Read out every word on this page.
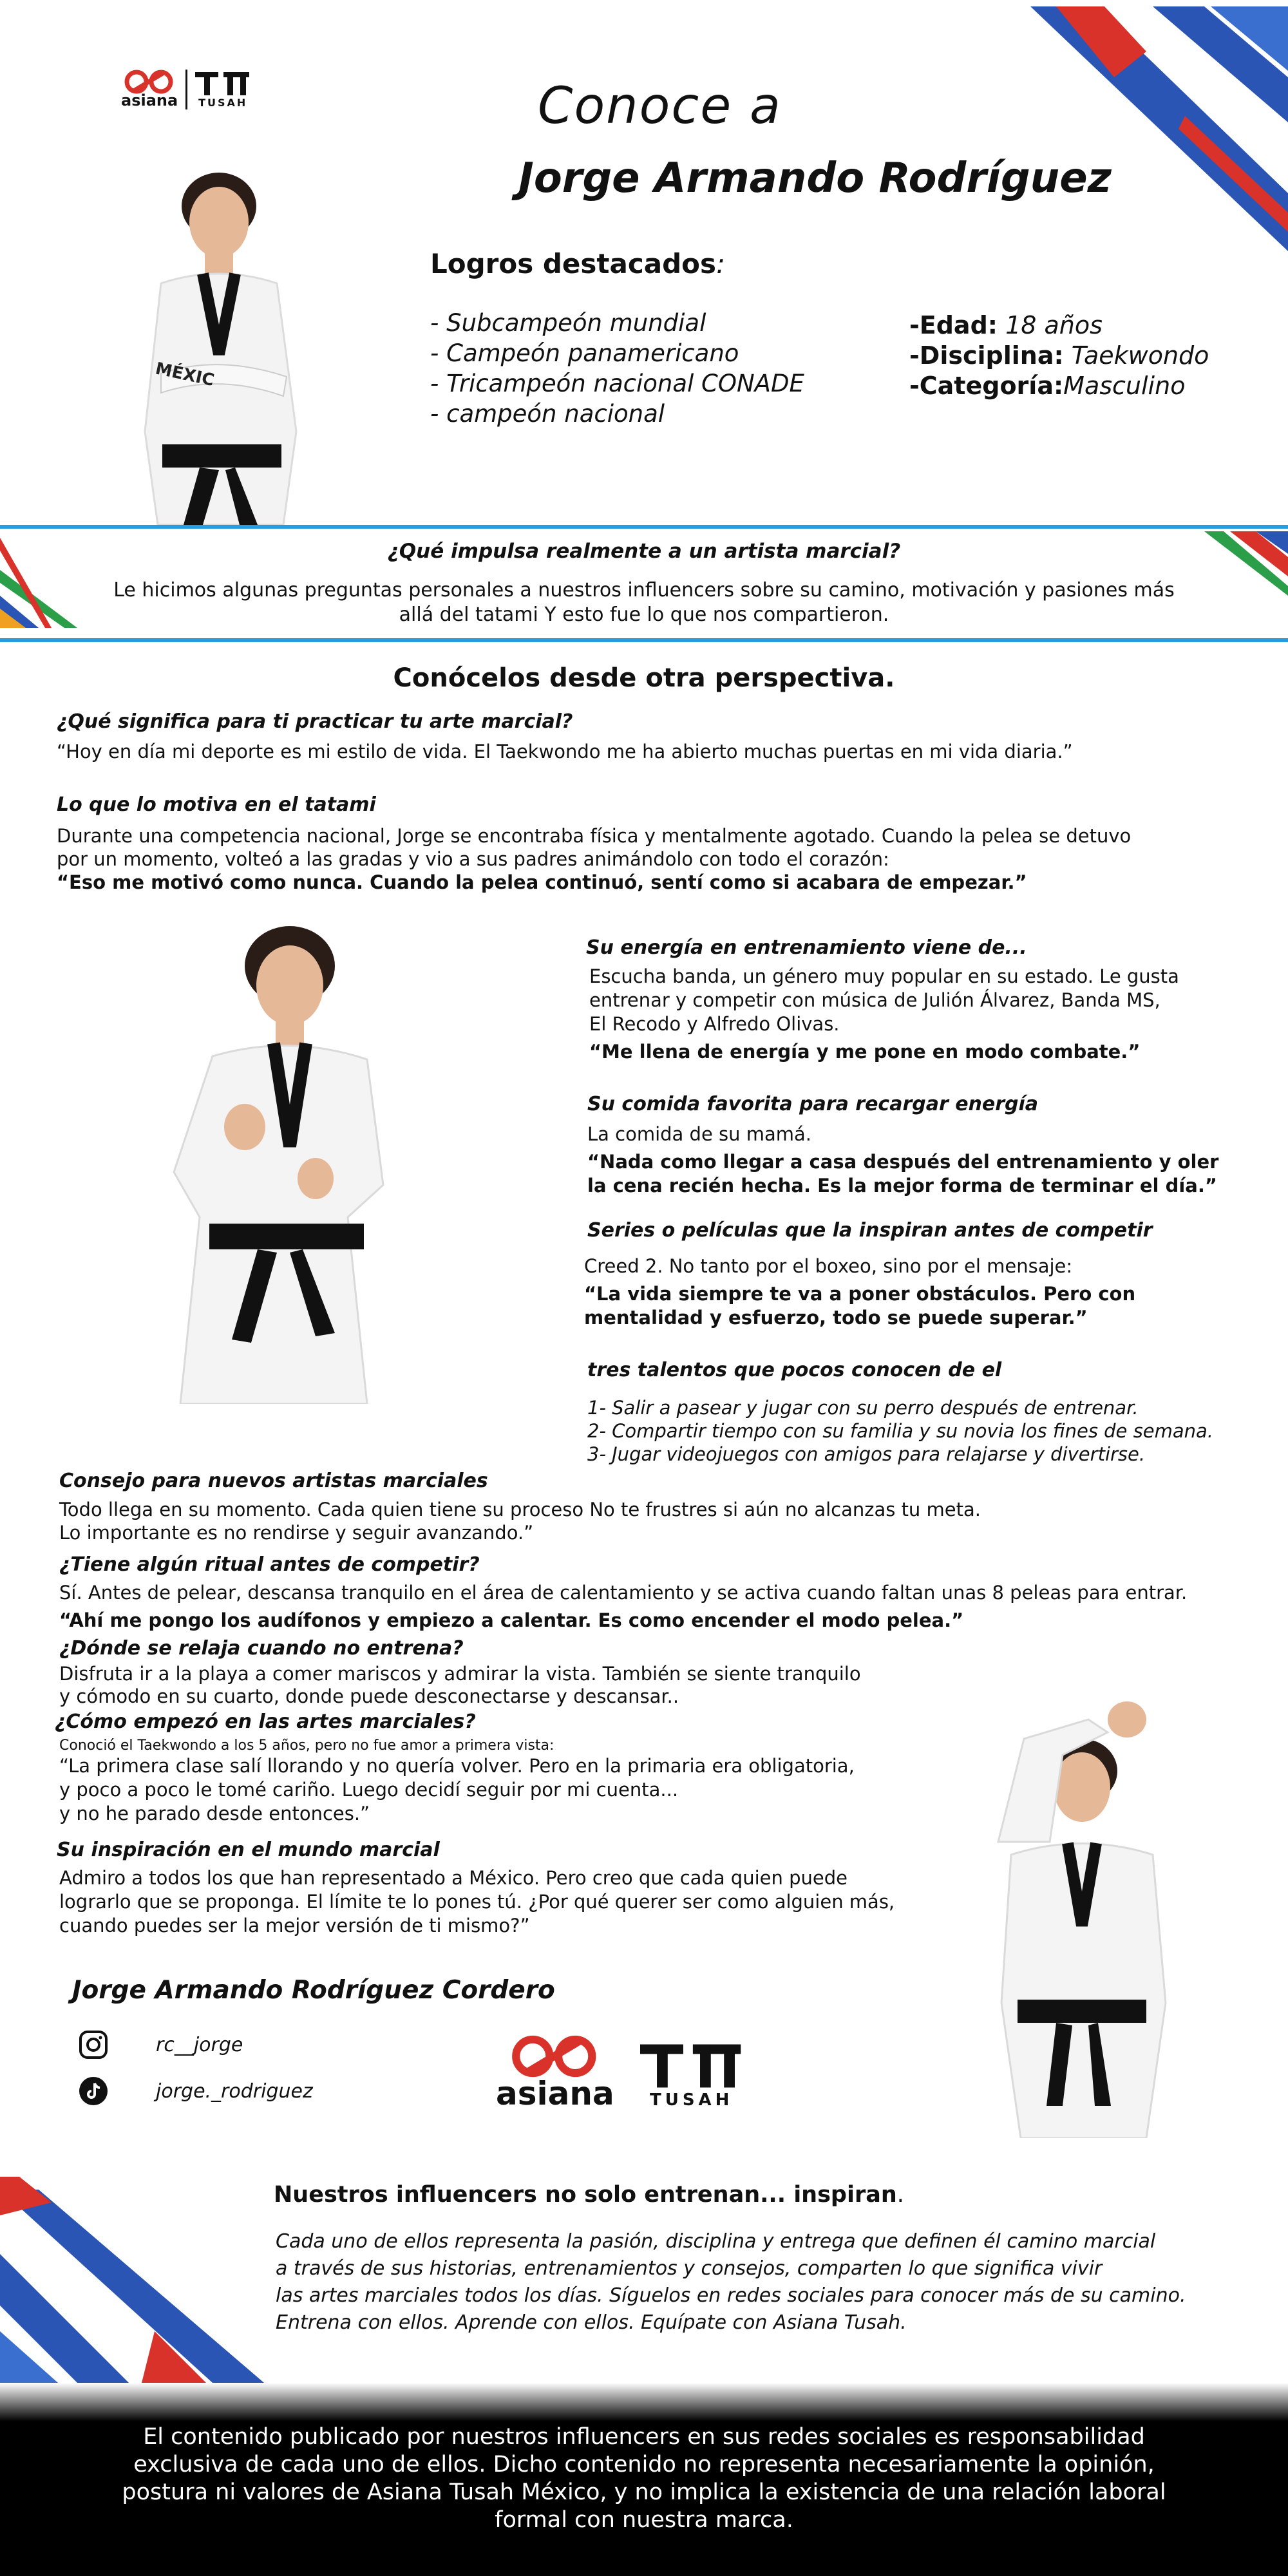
asiana TUSAH
MÉXIC
Conoce a
Jorge Armando Rodríguez
Logros destacados:
- Subcampeón mundial
- Campeón panamericano
- Tricampeón nacional CONADE
- campeón nacional
-Edad: 18 años
-Disciplina: Taekwondo
-Categoría:Masculino
¿Qué impulsa realmente a un artista marcial?
Le hicimos algunas preguntas personales a nuestros influencers sobre su camino, motivación y pasiones más allá del tatami Y esto fue lo que nos compartieron.
Conócelos desde otra perspectiva.
¿Qué significa para ti practicar tu arte marcial?
“Hoy en día mi deporte es mi estilo de vida. El Taekwondo me ha abierto muchas puertas en mi vida diaria.”
Lo que lo motiva en el tatami
Durante una competencia nacional, Jorge se encontraba física y mentalmente agotado. Cuando la pelea se detuvo
por un momento, volteó a las gradas y vio a sus padres animándolo con todo el corazón:
“Eso me motivó como nunca. Cuando la pelea continuó, sentí como si acabara de empezar.”
Su energía en entrenamiento viene de...
Escucha banda, un género muy popular en su estado. Le gusta
entrenar y competir con música de Julión Álvarez, Banda MS,
El Recodo y Alfredo Olivas.
“Me llena de energía y me pone en modo combate.”
Su comida favorita para recargar energía
La comida de su mamá.
“Nada como llegar a casa después del entrenamiento y oler
la cena recién hecha. Es la mejor forma de terminar el día.”
Series o películas que la inspiran antes de competir
Creed 2. No tanto por el boxeo, sino por el mensaje:
“La vida siempre te va a poner obstáculos. Pero con
mentalidad y esfuerzo, todo se puede superar.”
tres talentos que pocos conocen de el
1- Salir a pasear y jugar con su perro después de entrenar.
2- Compartir tiempo con su familia y su novia los fines de semana.
3- Jugar videojuegos con amigos para relajarse y divertirse.
Consejo para nuevos artistas marciales
Todo llega en su momento. Cada quien tiene su proceso No te frustres si aún no alcanzas tu meta.
Lo importante es no rendirse y seguir avanzando.”
¿Tiene algún ritual antes de competir?
Sí. Antes de pelear, descansa tranquilo en el área de calentamiento y se activa cuando faltan unas 8 peleas para entrar.
“Ahí me pongo los audífonos y empiezo a calentar. Es como encender el modo pelea.”
¿Dónde se relaja cuando no entrena?
Disfruta ir a la playa a comer mariscos y admirar la vista. También se siente tranquilo
y cómodo en su cuarto, donde puede desconectarse y descansar..
¿Cómo empezó en las artes marciales?
Conoció el Taekwondo a los 5 años, pero no fue amor a primera vista:
“La primera clase salí llorando y no quería volver. Pero en la primaria era obligatoria,
y poco a poco le tomé cariño. Luego decidí seguir por mi cuenta...
y no he parado desde entonces.”
Su inspiración en el mundo marcial
Admiro a todos los que han representado a México. Pero creo que cada quien puede
lograrlo que se proponga. El límite te lo pones tú. ¿Por qué querer ser como alguien más,
cuando puedes ser la mejor versión de ti mismo?”
Jorge Armando Rodríguez Cordero
rc__jorge
jorge._rodriguez	asiana TUSAH
Nuestros influencers no solo entrenan... inspiran.
Cada uno de ellos representa la pasión, disciplina y entrega que definen él camino marcial
a través de sus historias, entrenamientos y consejos, comparten lo que significa vivir
las artes marciales todos los días. Síguelos en redes sociales para conocer más de su camino.
Entrena con ellos. Aprende con ellos. Equípate con Asiana Tusah.
El contenido publicado por nuestros influencers en sus redes sociales es responsabilidad exclusiva de cada uno de ellos. Dicho contenido no representa necesariamente la opinión, postura ni valores de Asiana Tusah México, y no implica la existencia de una relación laboral formal con nuestra marca.
